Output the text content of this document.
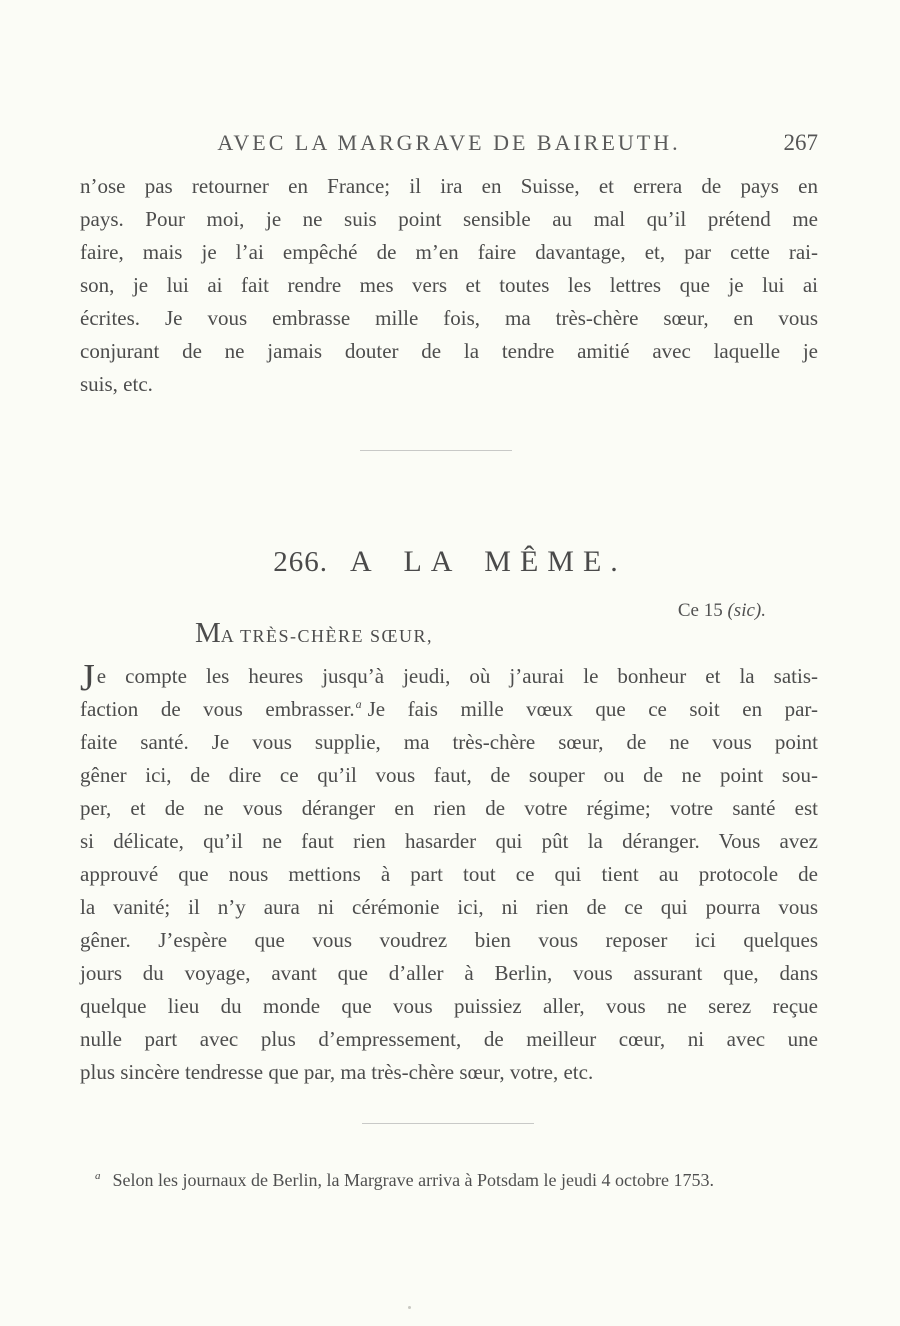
AVEC LA MARGRAVE DE BAIREUTH.	267
n’ose pas retourner en France; il ira en Suisse, et errera de pays en
pays. Pour moi, je ne suis point sensible au mal qu’il prétend me
faire, mais je l’ai empêché de m’en faire davantage, et, par cette rai-
son, je lui ai fait rendre mes vers et toutes les lettres que je lui ai
écrites. Je vous embrasse mille fois, ma très-chère sœur, en vous
conjurant de ne jamais douter de la tendre amitié avec laquelle je
suis, etc.
266. A LA MÊME.
Ce 15 (sic).
MA TRÈS-CHÈRE SŒUR,
Je compte les heures jusqu’à jeudi, où j’aurai le bonheur et la satis-
faction de vous embrasser.$^a$ Je fais mille vœux que ce soit en par-
faite santé. Je vous supplie, ma très-chère sœur, de ne vous point
gêner ici, de dire ce qu’il vous faut, de souper ou de ne point sou-
per, et de ne vous déranger en rien de votre régime; votre santé est
si délicate, qu’il ne faut rien hasarder qui pût la déranger. Vous avez
approuvé que nous mettions à part tout ce qui tient au protocole de
la vanité; il n’y aura ni cérémonie ici, ni rien de ce qui pourra vous
gêner. J’espère que vous voudrez bien vous reposer ici quelques
jours du voyage, avant que d’aller à Berlin, vous assurant que, dans
quelque lieu du monde que vous puissiez aller, vous ne serez reçue
nulle part avec plus d’empressement, de meilleur cœur, ni avec une
plus sincère tendresse que par, ma très-chère sœur, votre, etc.
$^a$ Selon les journaux de Berlin, la Margrave arriva à Potsdam le jeudi 4 octobre 1753.
